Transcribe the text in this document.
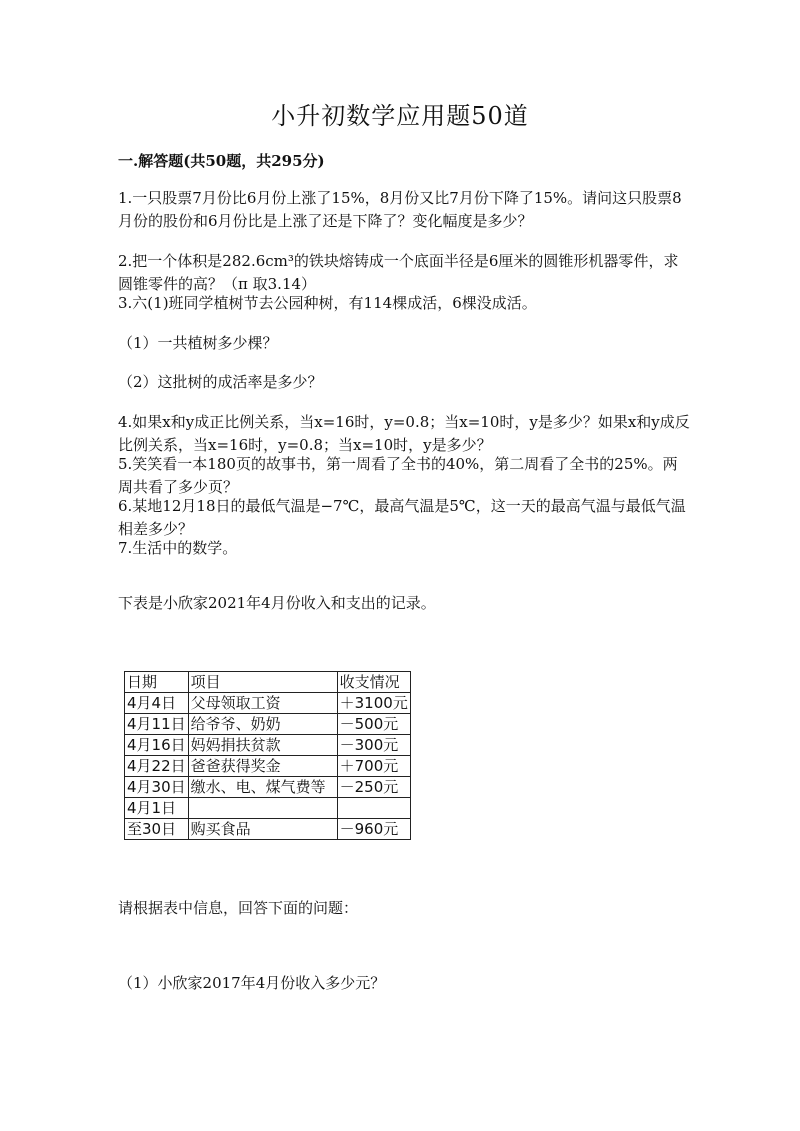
小升初数学应用题50道
一.解答题(共50题，共295分)
1.一只股票7月份比6月份上涨了15%，8月份又比7月份下降了15%。请问这只股票8月份的股份和6月份比是上涨了还是下降了？变化幅度是多少？
2.把一个体积是282.6cm³的铁块熔铸成一个底面半径是6厘米的圆锥形机器零件，求圆锥零件的高？（π 取3.14）
3.六(1)班同学植树节去公园种树，有114棵成活，6棵没成活。
（1）一共植树多少棵？
（2）这批树的成活率是多少？
4.如果x和y成正比例关系，当x=16时，y=0.8；当x=10时，y是多少？如果x和y成反比例关系，当x=16时，y=0.8；当x=10时，y是多少？
5.笑笑看一本180页的故事书，第一周看了全书的40%，第二周看了全书的25%。两周共看了多少页？
6.某地12月18日的最低气温是−7℃，最高气温是5℃，这一天的最高气温与最低气温相差多少？
7.生活中的数学。
下表是小欣家2021年4月份收入和支出的记录。
日期	项目	收支情况
4月4日	父母领取工资	＋3100元
4月11日	给爷爷、奶奶	－500元
4月16日	妈妈捐扶贫款	－300元
4月22日	爸爸获得奖金	＋700元
4月30日	缴水、电、煤气费等	－250元
4月1日		
至30日	购买食品	－960元
请根据表中信息，回答下面的问题：
（1）小欣家2017年4月份收入多少元？
